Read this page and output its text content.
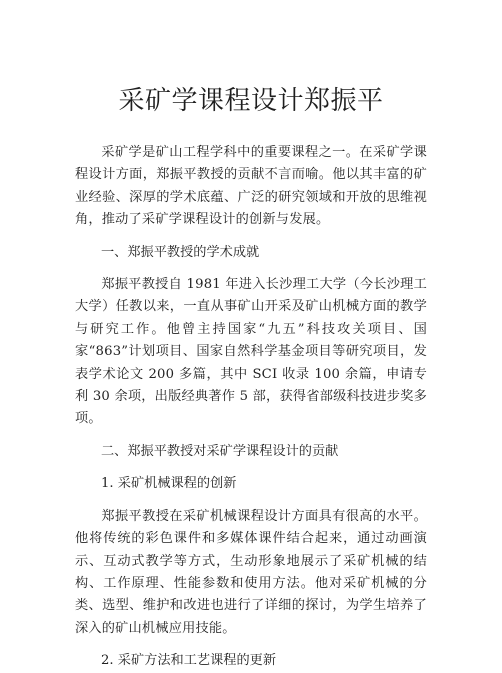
采矿学课程设计郑振平

采矿学是矿山工程学科中的重要课程之一。在采矿学课程设计方面，郑振平教授的贡献不言而喻。他以其丰富的矿业经验、深厚的学术底蕴、广泛的研究领域和开放的思维视角，推动了采矿学课程设计的创新与发展。

一、郑振平教授的学术成就

郑振平教授自 1981 年进入长沙理工大学（今长沙理工大学）任教以来，一直从事矿山开采及矿山机械方面的教学与研究工作。他曾主持国家“九五”科技攻关项目、国家“863”计划项目、国家自然科学基金项目等研究项目，发表学术论文 200 多篇，其中 SCI 收录 100 余篇，申请专利 30 余项，出版经典著作 5 部，获得省部级科技进步奖多项。

二、郑振平教授对采矿学课程设计的贡献

1. 采矿机械课程的创新

郑振平教授在采矿机械课程设计方面具有很高的水平。他将传统的彩色课件和多媒体课件结合起来，通过动画演示、互动式教学等方式，生动形象地展示了采矿机械的结构、工作原理、性能参数和使用方法。他对采矿机械的分类、选型、维护和改进也进行了详细的探讨，为学生培养了深入的矿山机械应用技能。

2. 采矿方法和工艺课程的更新
